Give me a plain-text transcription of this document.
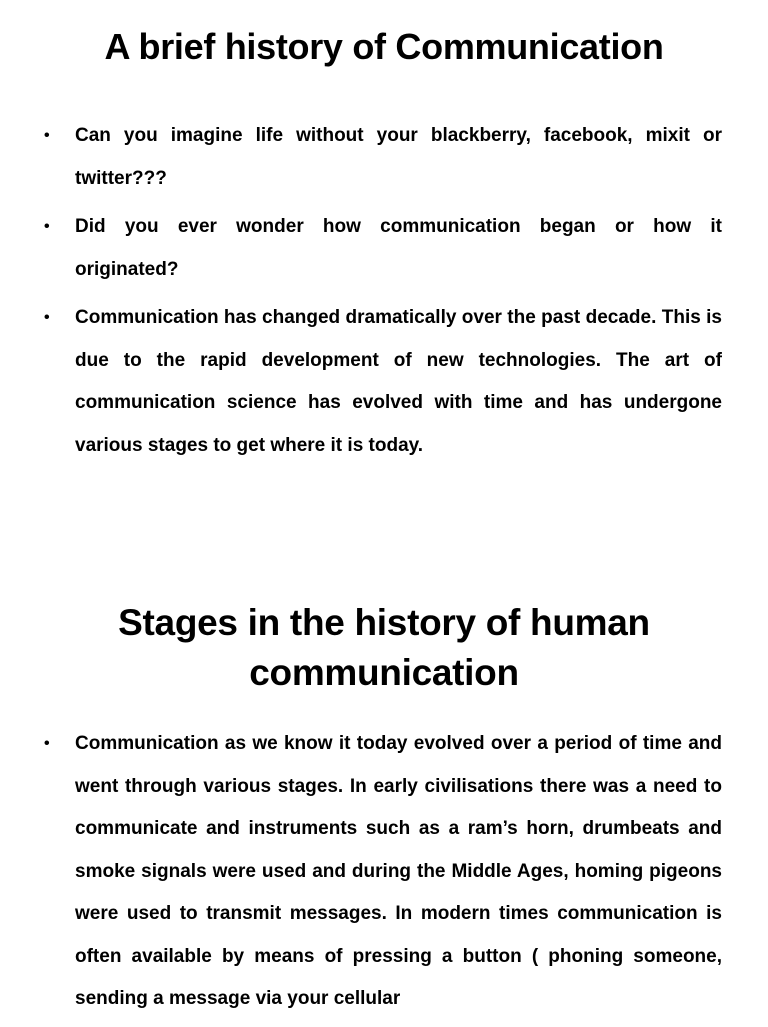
A brief history of Communication
• Can you imagine life without your blackberry, facebook, mixit or twitter???
• Did you ever wonder how communication began or how it originated?
• Communication has changed dramatically over the past decade. This is due to the rapid development of new technologies. The art of communication science has evolved with time and has undergone various stages to get where it is today.
Stages in the history of human
communication
• Communication as we know it today evolved over a period of time and went through various stages. In early civilisations there was a need to communicate and instruments such as a ram’s horn, drumbeats and smoke signals were used and during the Middle Ages, homing pigeons were used to transmit messages. In modern times communication is often available by means of pressing a button ( phoning someone, sending a message via your cellular
